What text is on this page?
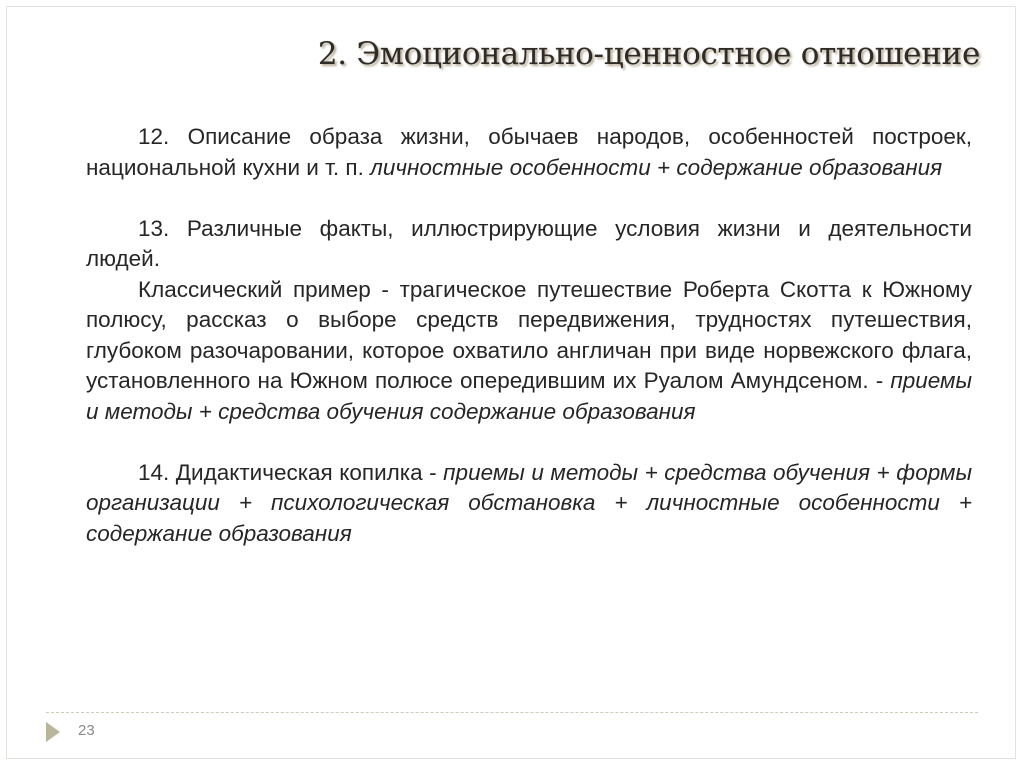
2. Эмоционально-ценностное отношение

12. Описание образа жизни, обычаев народов, особенностей построек, национальной кухни и т. п. личностные особенности + содержание образования

13. Различные факты, иллюстрирующие условия жизни и деятельности людей.

Классический пример - трагическое путешествие Роберта Скотта к Южному полюсу, рассказ о выборе средств передвижения, трудностях путешествия, глубоком разочаровании, которое охватило англичан при виде норвежского флага, установленного на Южном полюсе опередившим их Руалом Амундсеном. - приемы и методы + средства обучения содержание образования

14. Дидактическая копилка - приемы и методы + средства обучения + формы организации + психологическая обстановка + личностные особенности + содержание образования

23
